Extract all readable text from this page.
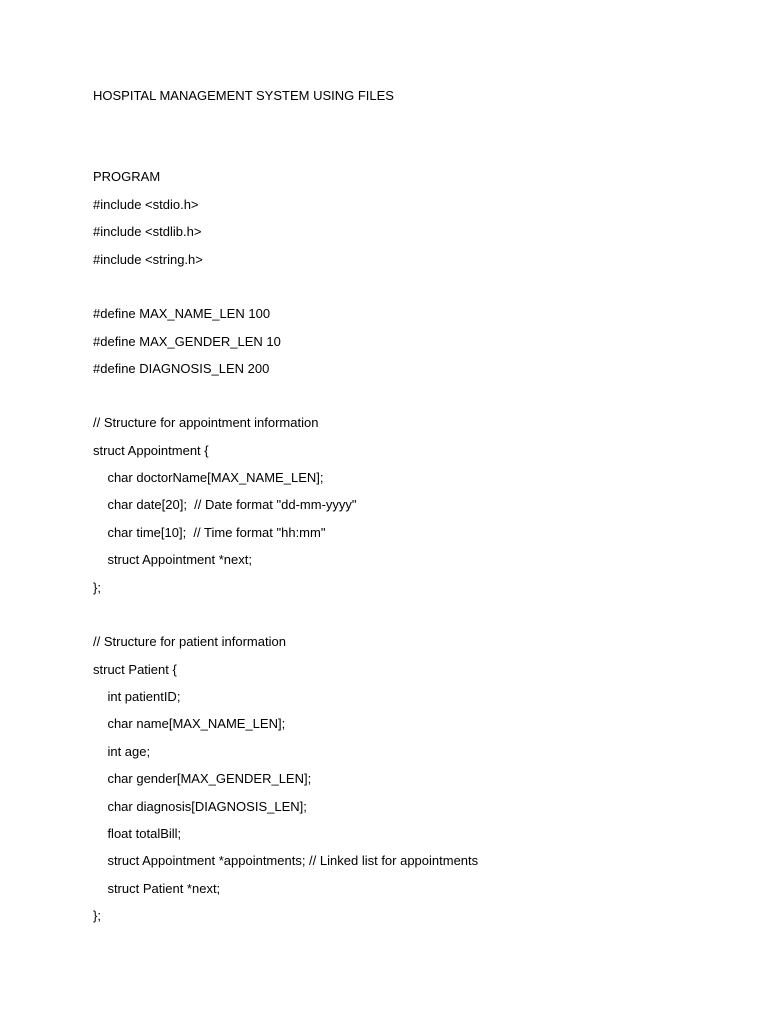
HOSPITAL MANAGEMENT SYSTEM USING FILES
PROGRAM
#include <stdio.h>
#include <stdlib.h>
#include <string.h>
#define MAX_NAME_LEN 100
#define MAX_GENDER_LEN 10
#define DIAGNOSIS_LEN 200
// Structure for appointment information
struct Appointment {
char doctorName[MAX_NAME_LEN];
char date[20];  // Date format "dd-mm-yyyy"
char time[10];  // Time format "hh:mm"
struct Appointment *next;
};
// Structure for patient information
struct Patient {
int patientID;
char name[MAX_NAME_LEN];
int age;
char gender[MAX_GENDER_LEN];
char diagnosis[DIAGNOSIS_LEN];
float totalBill;
struct Appointment *appointments; // Linked list for appointments
struct Patient *next;
};
